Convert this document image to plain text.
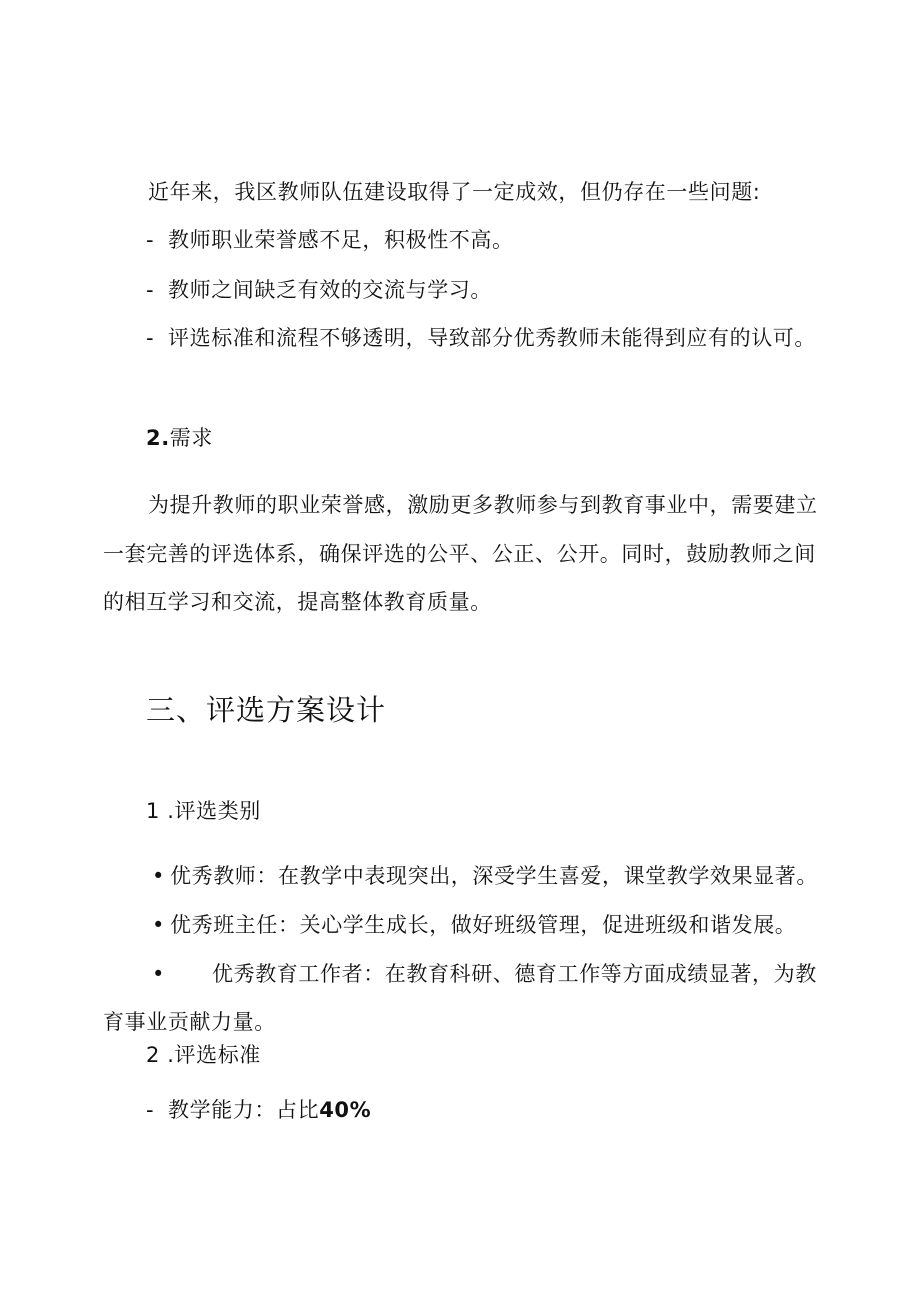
近年来，我区教师队伍建设取得了一定成效，但仍存在一些问题:
- 教师职业荣誉感不足，积极性不高。
- 教师之间缺乏有效的交流与学习。
- 评选标准和流程不够透明，导致部分优秀教师未能得到应有的认可。
2.需求
为提升教师的职业荣誉感，激励更多教师参与到教育事业中，需要建立
一套完善的评选体系，确保评选的公平、公正、公开。同时，鼓励教师之间
的相互学习和交流，提高整体教育质量。
三、评选方案设计
1 .评选类别
• 优秀教师：在教学中表现突出，深受学生喜爱，课堂教学效果显著。
• 优秀班主任：关心学生成长，做好班级管理，促进班级和谐发展。
• 优秀教育工作者：在教育科研、德育工作等方面成绩显著，为教
育事业贡献力量。
2 .评选标准
- 教学能力：占比40%
